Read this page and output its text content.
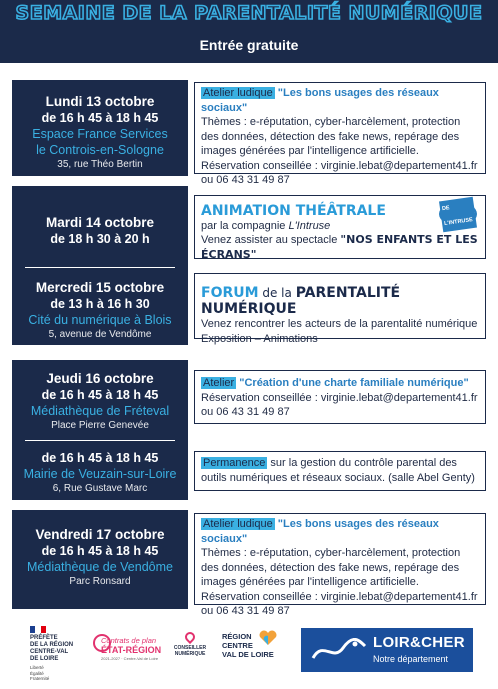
SEMAINE DE LA PARENTALITÉ NUMÉRIQUE
Entrée gratuite
Lundi 13 octobre
de 16 h 45 à 18 h 45
Espace France Services
le Controis-en-Sologne
35, rue Théo Bertin
Atelier ludique "Les bons usages des réseaux sociaux"
Thèmes : e-réputation, cyber-harcèlement, protection des données, détection des fake news, repérage des images générées par l'intelligence artificielle.
Réservation conseillée : virginie.lebat@departement41.fr
ou 06 43 31 49 87
Mardi 14 octobre
de 18 h 30 à 20 h
Mercredi 15 octobre
de 13 h à 16 h 30
Cité du numérique à Blois
5, avenue de Vendôme
DE L'INTRUSE
ANIMATION THÉÂTRALE
par la compagnie L'Intruse
Venez assister au spectacle "NOS ENFANTS ET LES ÉCRANS"
FORUM de la PARENTALITÉ NUMÉRIQUE
Venez rencontrer les acteurs de la parentalité numérique
Exposition – Animations
Jeudi 16 octobre
de 16 h 45 à 18 h 45
Médiathèque de Fréteval
Place Pierre Genevée
de 16 h 45 à 18 h 45
Mairie de Veuzain-sur-Loire
6, Rue Gustave Marc
Atelier "Création d'une charte familiale numérique"
Réservation conseillée : virginie.lebat@departement41.fr
ou 06 43 31 49 87
Permanence sur la gestion du contrôle parental des outils numériques et réseaux sociaux. (salle Abel Genty)
Vendredi 17 octobre
de 16 h 45 à 18 h 45
Médiathèque de Vendôme
Parc Ronsard
Atelier ludique "Les bons usages des réseaux sociaux"
Thèmes : e-réputation, cyber-harcèlement, protection des données, détection des fake news, repérage des images générées par l'intelligence artificielle.
Réservation conseillée : virginie.lebat@departement41.fr
ou 06 43 31 49 87
PRÉFÈTE
DE LA RÉGION
CENTRE-VAL
DE LOIRE
Liberté
Égalité
Fraternité
Contrats de plan
ÉTAT-RÉGION
2021-2027 · Centre-Val de Loire
CONSEILLER
NUMÉRIQUE
RÉGION
CENTRE
VAL DE LOIRE
LOIR&CHER
Notre département
